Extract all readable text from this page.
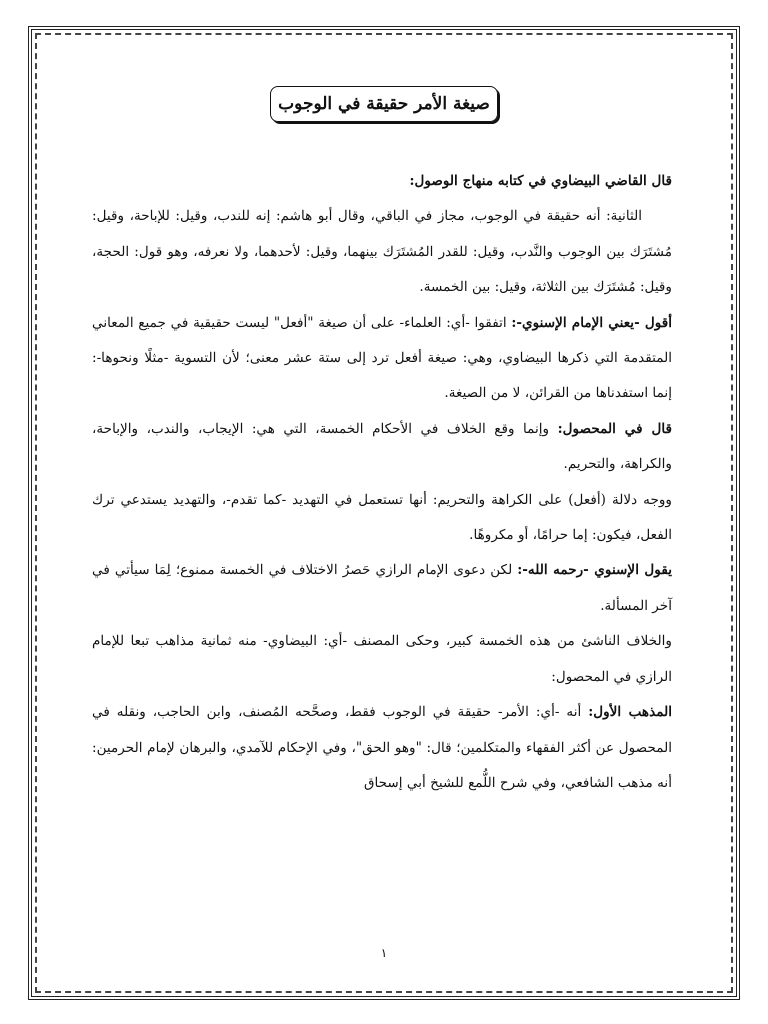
صيغة الأمر حقيقة في الوجوب

قال القاضي البيضاوي في كتابه منهاج الوصول:

الثانية: أنه حقيقة في الوجوب، مجاز في الباقي، وقال أبو هاشم: إنه للندب، وقيل: للإباحة، وقيل: مُشتَرَك بين الوجوب والنَّدب، وقيل: للقدر المُشتَرَك بينهما، وقيل: لأحدهما، ولا نعرفه، وهو قول: الحجة، وقيل: مُشتَرَك بين الثلاثة، وقيل: بين الخمسة.

أقول -يعني الإمام الإسنوي-: اتفقوا -أي: العلماء- على أن صيغة "أفعل" ليست حقيقية في جميع المعاني المتقدمة التي ذكرها البيضاوي، وهي: صيغة أفعل ترد إلى ستة عشر معنى؛ لأن التسوية -مثلًا ونحوها-: إنما استفدناها من القرائن، لا من الصيغة.

قال في المحصول: وإنما وقع الخلاف في الأحكام الخمسة، التي هي: الإيجاب، والندب، والإباحة، والكراهة، والتحريم.

ووجه دلالة (أفعل) على الكراهة والتحريم: أنها تستعمل في التهديد -كما تقدم-، والتهديد يستدعي ترك الفعل، فيكون: إما حرامًا، أو مكروهًا.

يقول الإسنوي -رحمه الله-: لكن دعوى الإمام الرازي حَصرُ الاختلاف في الخمسة ممنوع؛ لِمَا سيأتي في آخر المسألة.

والخلاف الناشئ من هذه الخمسة كبير، وحكى المصنف -أي: البيضاوي- منه ثمانية مذاهب تبعا للإمام الرازي في المحصول:

المذهب الأول: أنه -أي: الأمر- حقيقة في الوجوب فقط، وصحَّحه المُصنف، وابن الحاجب، ونقله في المحصول عن أكثر الفقهاء والمتكلمين؛ قال: "وهو الحق"، وفي الإحكام للآمدي، والبرهان لإمام الحرمين: أنه مذهب الشافعي، وفي شرح اللُّمع للشيخ أبي إسحاق

١
